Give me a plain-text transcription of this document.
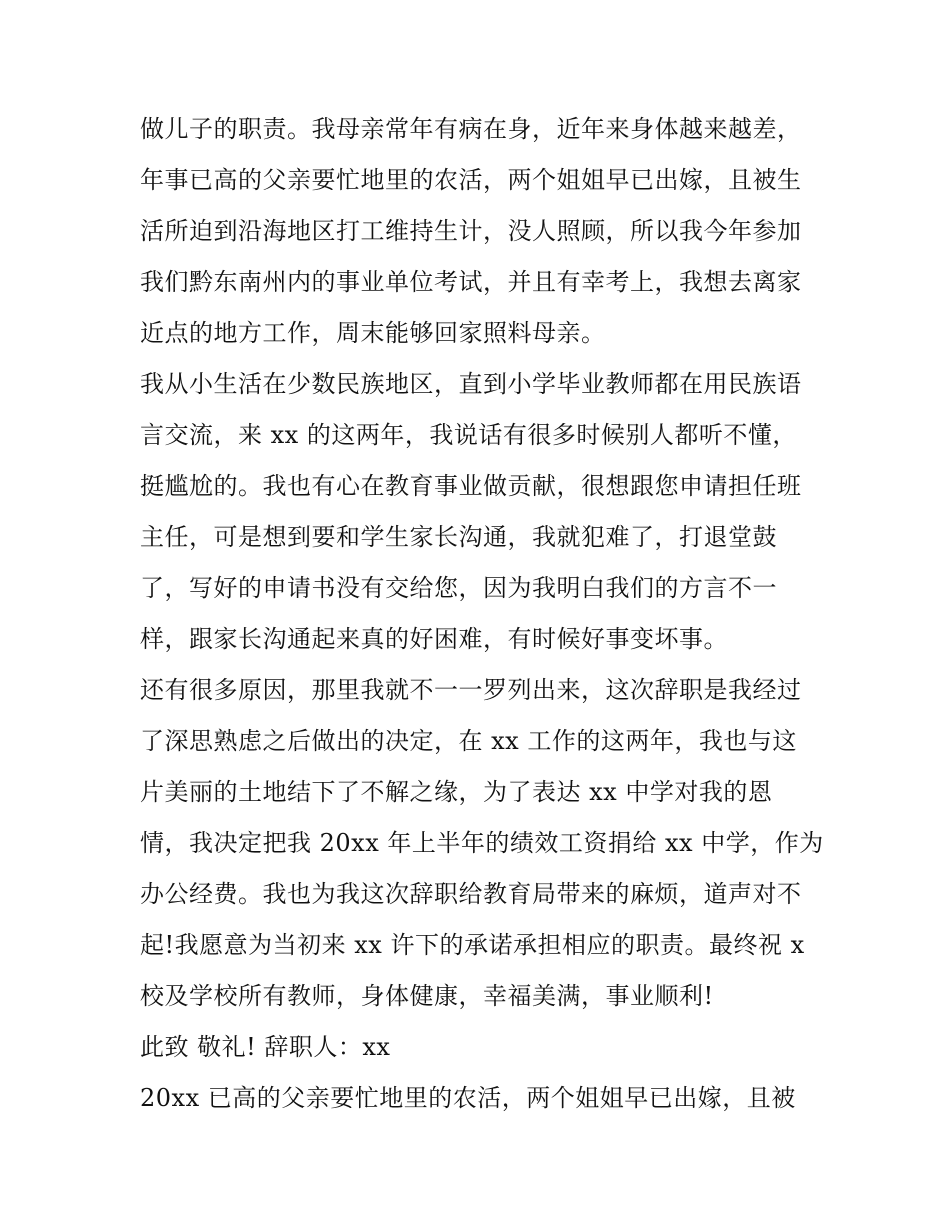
做儿子的职责。我母亲常年有病在身，近年来身体越来越差，
年事已高的父亲要忙地里的农活，两个姐姐早已出嫁，且被生
活所迫到沿海地区打工维持生计，没人照顾，所以我今年参加
我们黔东南州内的事业单位考试，并且有幸考上，我想去离家
近点的地方工作，周末能够回家照料母亲。
我从小生活在少数民族地区，直到小学毕业教师都在用民族语
言交流，来 xx 的这两年，我说话有很多时候别人都听不懂，
挺尴尬的。我也有心在教育事业做贡献，很想跟您申请担任班
主任，可是想到要和学生家长沟通，我就犯难了，打退堂鼓
了，写好的申请书没有交给您，因为我明白我们的方言不一
样，跟家长沟通起来真的好困难，有时候好事变坏事。
还有很多原因，那里我就不一一罗列出来，这次辞职是我经过
了深思熟虑之后做出的决定，在 xx 工作的这两年，我也与这
片美丽的土地结下了不解之缘，为了表达 xx 中学对我的恩
情，我决定把我 20xx 年上半年的绩效工资捐给 xx 中学，作为
办公经费。我也为我这次辞职给教育局带来的麻烦，道声对不
起!我愿意为当初来 xx 许下的承诺承担相应的职责。最终祝 x
校及学校所有教师，身体健康，幸福美满，事业顺利!
此致 敬礼! 辞职人：xx
20xx 已高的父亲要忙地里的农活，两个姐姐早已出嫁，且被
